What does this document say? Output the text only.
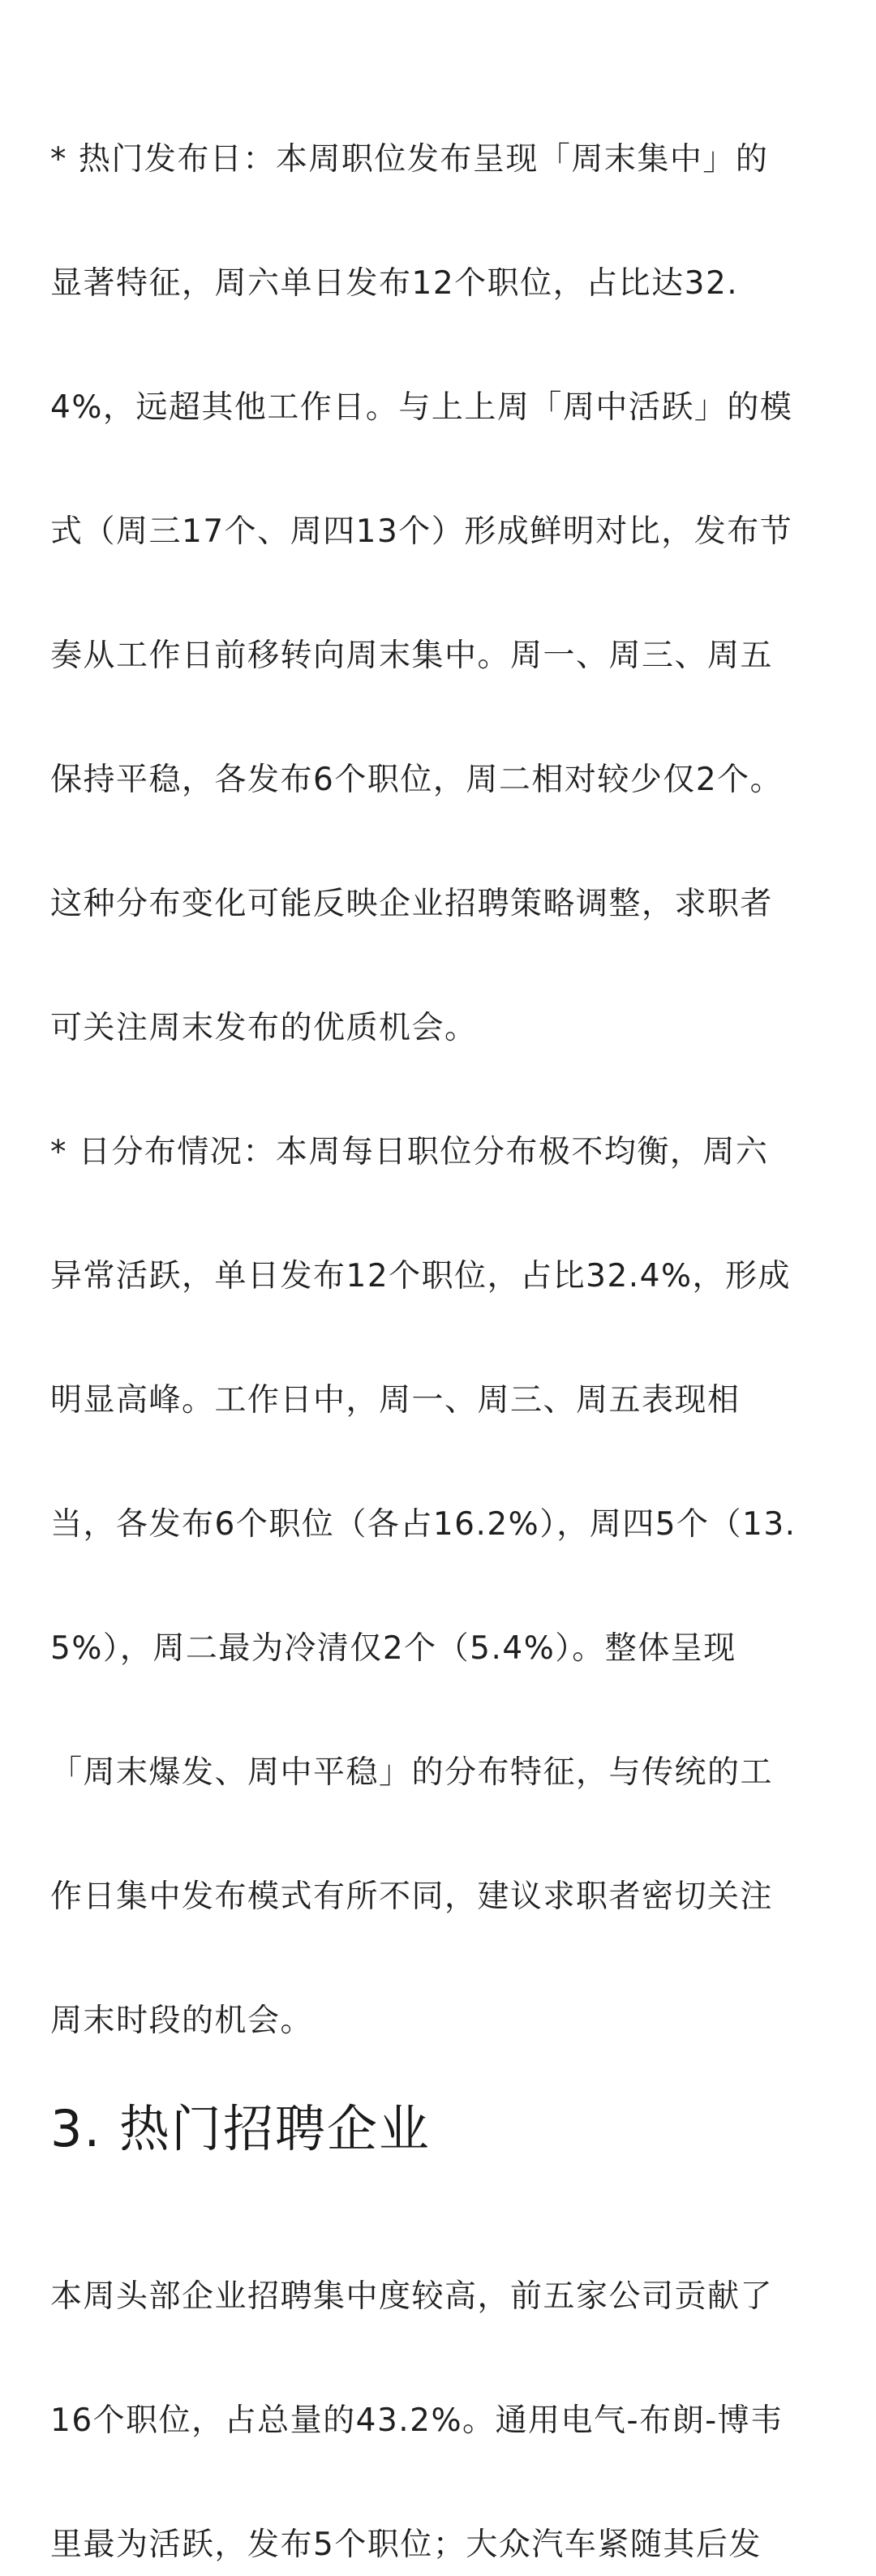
* 热门发布日：本周职位发布呈现「周末集中」的

显著特征，周六单日发布12个职位，占比达32.

4%，远超其他工作日。与上上周「周中活跃」的模

式（周三17个、周四13个）形成鲜明对比，发布节

奏从工作日前移转向周末集中。周一、周三、周五

保持平稳，各发布6个职位，周二相对较少仅2个。

这种分布变化可能反映企业招聘策略调整，求职者

可关注周末发布的优质机会。

* 日分布情况：本周每日职位分布极不均衡，周六

异常活跃，单日发布12个职位，占比32.4%，形成

明显高峰。工作日中，周一、周三、周五表现相

当，各发布6个职位（各占16.2%），周四5个（13.

5%），周二最为冷清仅2个（5.4%）。整体呈现

「周末爆发、周中平稳」的分布特征，与传统的工

作日集中发布模式有所不同，建议求职者密切关注

周末时段的机会。

3. 热门招聘企业

本周头部企业招聘集中度较高，前五家公司贡献了

16个职位，占总量的43.2%。通用电气-布朗-博韦

里最为活跃，发布5个职位；大众汽车紧随其后发
